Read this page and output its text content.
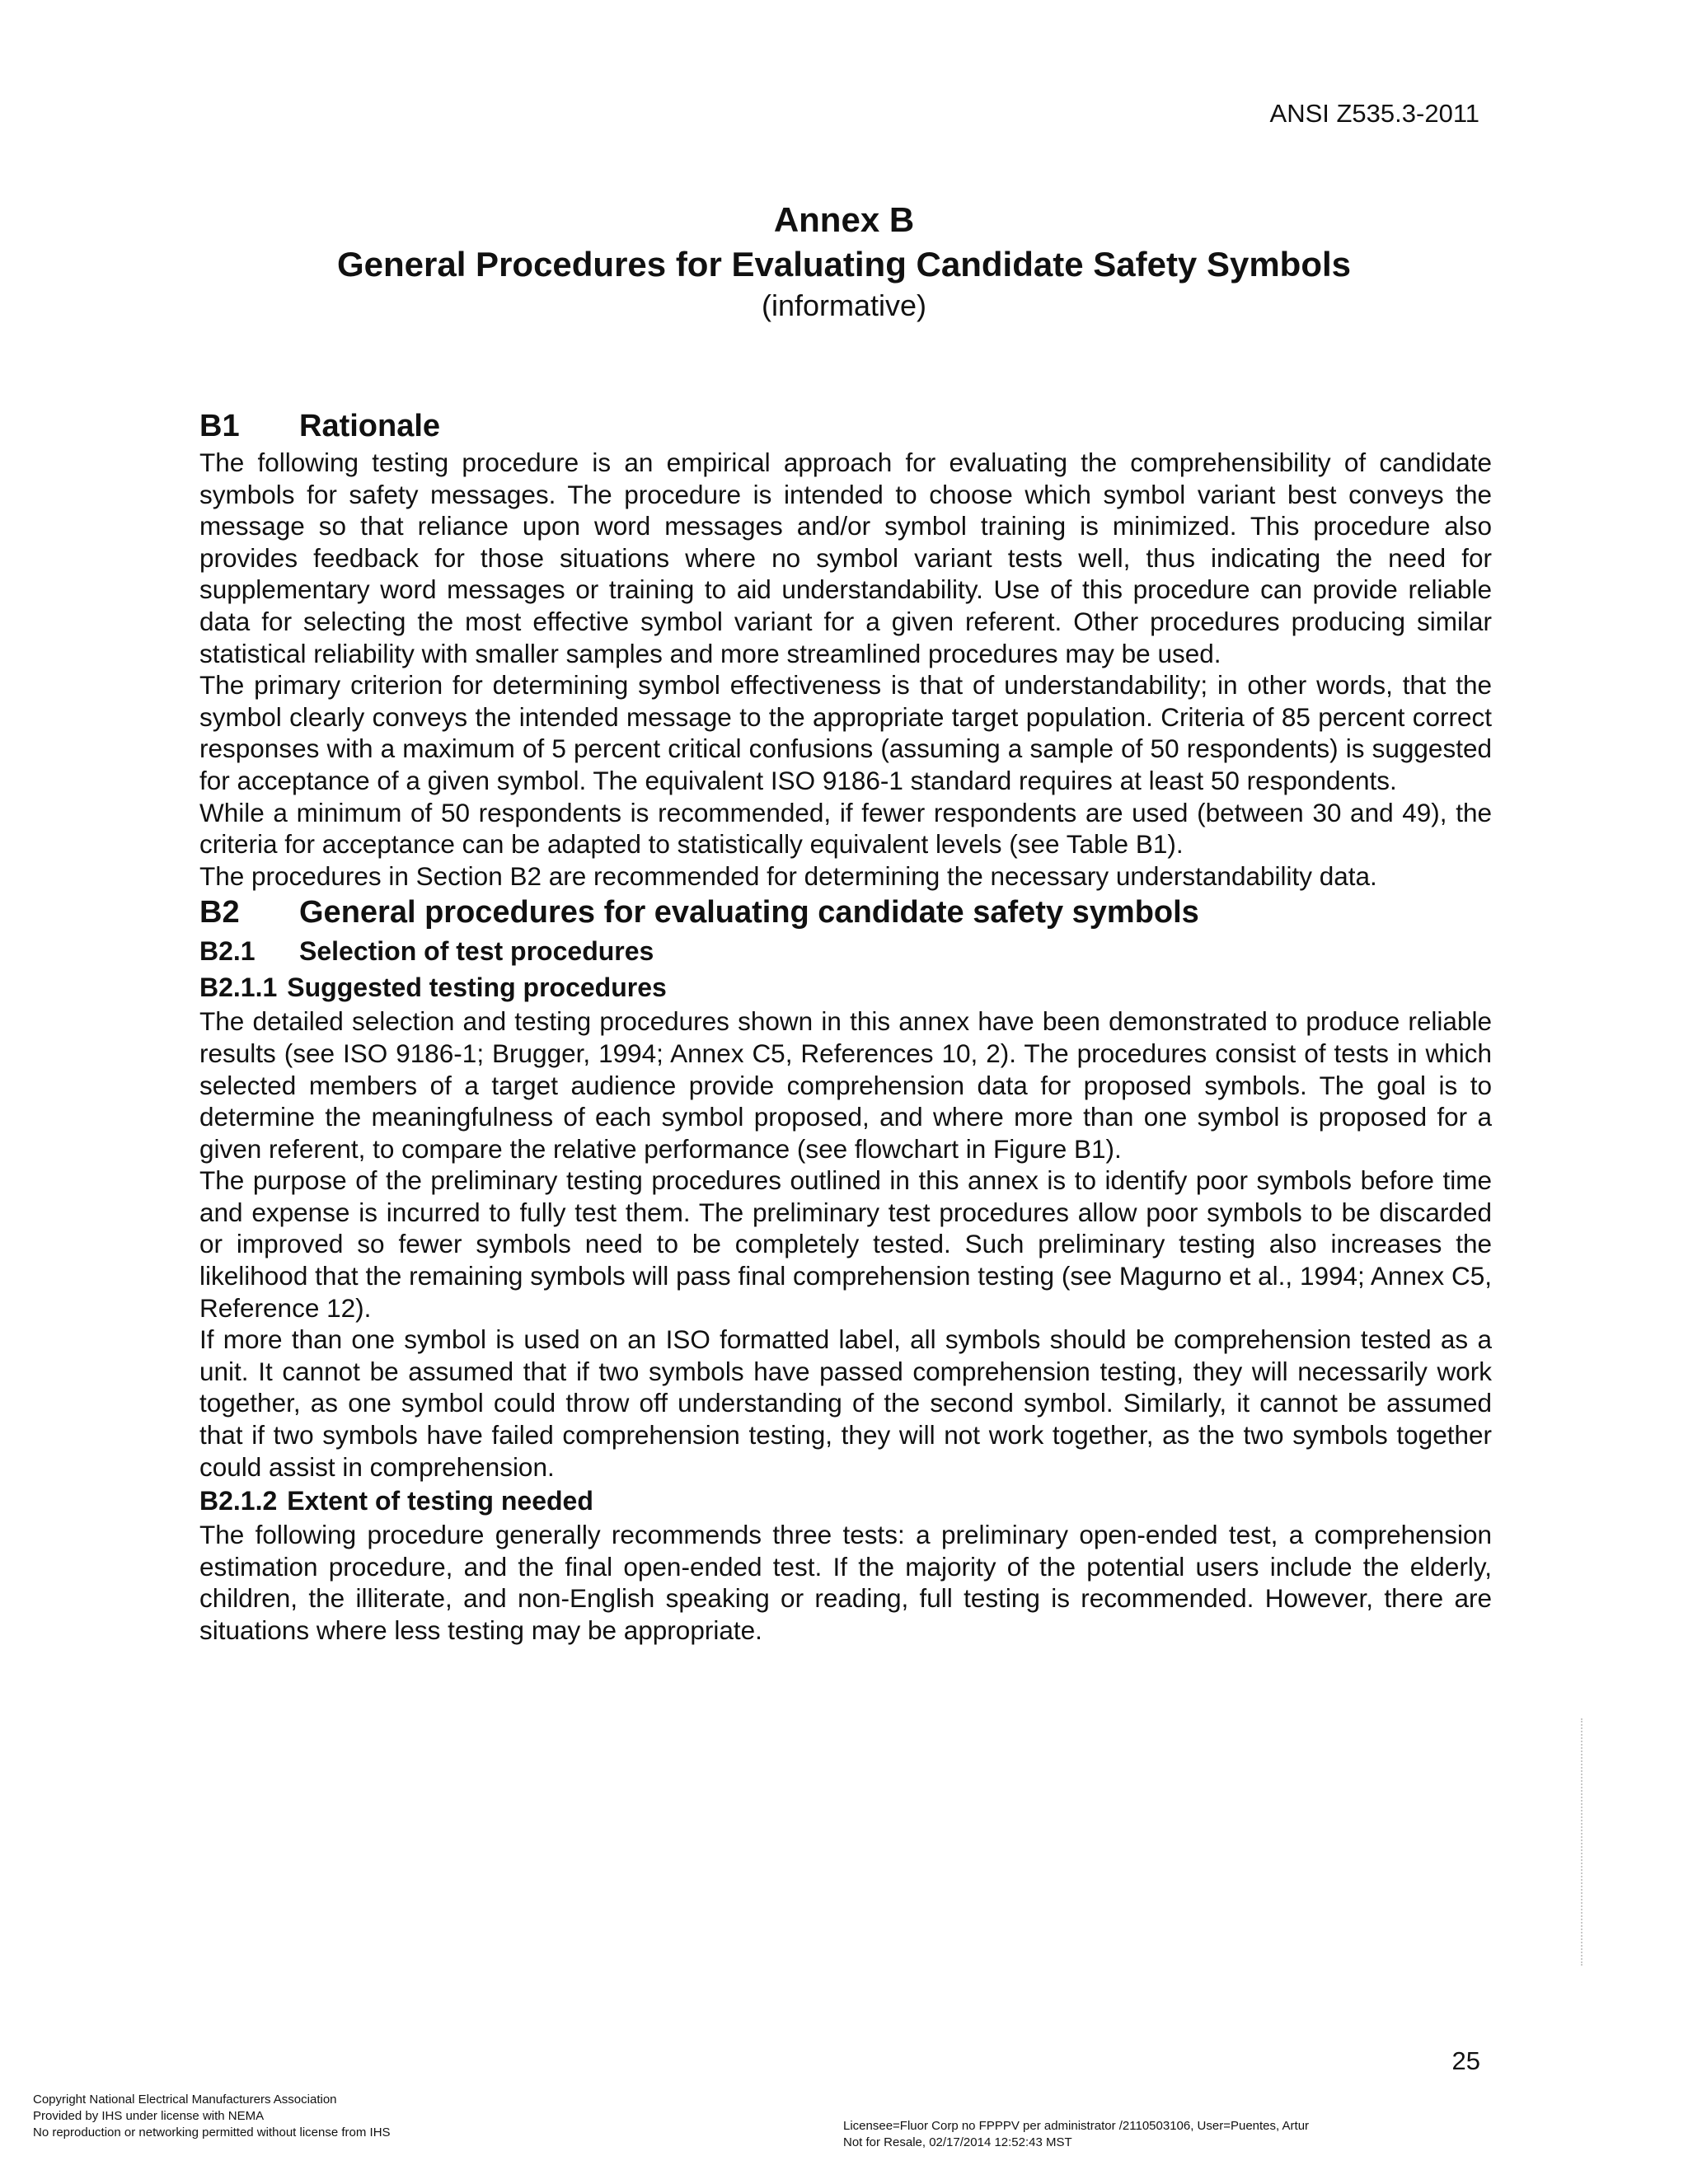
ANSI Z535.3-2011
Annex B
General Procedures for Evaluating Candidate Safety Symbols
(informative)
B1 Rationale

The following testing procedure is an empirical approach for evaluating the comprehensibility of candidate symbols for safety messages. The procedure is intended to choose which symbol variant best conveys the message so that reliance upon word messages and/or symbol training is minimized. This procedure also provides feedback for those situations where no symbol variant tests well, thus indicating the need for supplementary word messages or training to aid understandability. Use of this procedure can provide reliable data for selecting the most effective symbol variant for a given referent. Other procedures producing similar statistical reliability with smaller samples and more streamlined procedures may be used.

The primary criterion for determining symbol effectiveness is that of understandability; in other words, that the symbol clearly conveys the intended message to the appropriate target population. Criteria of 85 percent correct responses with a maximum of 5 percent critical confusions (assuming a sample of 50 respondents) is suggested for acceptance of a given symbol. The equivalent ISO 9186-1 standard requires at least 50 respondents.

While a minimum of 50 respondents is recommended, if fewer respondents are used (between 30 and 49), the criteria for acceptance can be adapted to statistically equivalent levels (see Table B1).

The procedures in Section B2 are recommended for determining the necessary understandability data.

B2 General procedures for evaluating candidate safety symbols
B2.1 Selection of test procedures
B2.1.1 Suggested testing procedures

The detailed selection and testing procedures shown in this annex have been demonstrated to produce reliable results (see ISO 9186-1; Brugger, 1994; Annex C5, References 10, 2). The procedures consist of tests in which selected members of a target audience provide comprehension data for proposed symbols. The goal is to determine the meaningfulness of each symbol proposed, and where more than one symbol is proposed for a given referent, to compare the relative performance (see flowchart in Figure B1).

The purpose of the preliminary testing procedures outlined in this annex is to identify poor symbols before time and expense is incurred to fully test them. The preliminary test procedures allow poor symbols to be discarded or improved so fewer symbols need to be completely tested. Such preliminary testing also increases the likelihood that the remaining symbols will pass final comprehension testing (see Magurno et al., 1994; Annex C5, Reference 12).

If more than one symbol is used on an ISO formatted label, all symbols should be comprehension tested as a unit. It cannot be assumed that if two symbols have passed comprehension testing, they will necessarily work together, as one symbol could throw off understanding of the second symbol. Similarly, it cannot be assumed that if two symbols have failed comprehension testing, they will not work together, as the two symbols together could assist in comprehension.

B2.1.2 Extent of testing needed

The following procedure generally recommends three tests: a preliminary open-ended test, a comprehension estimation procedure, and the final open-ended test. If the majority of the potential users include the elderly, children, the illiterate, and non-English speaking or reading, full testing is recommended. However, there are situations where less testing may be appropriate.

25
Copyright National Electrical Manufacturers Association
Provided by IHS under license with NEMA
No reproduction or networking permitted without license from IHS	Licensee=Fluor Corp no FPPPV per administrator /2110503106, User=Puentes, Artur
Not for Resale, 02/17/2014 12:52:43 MST
